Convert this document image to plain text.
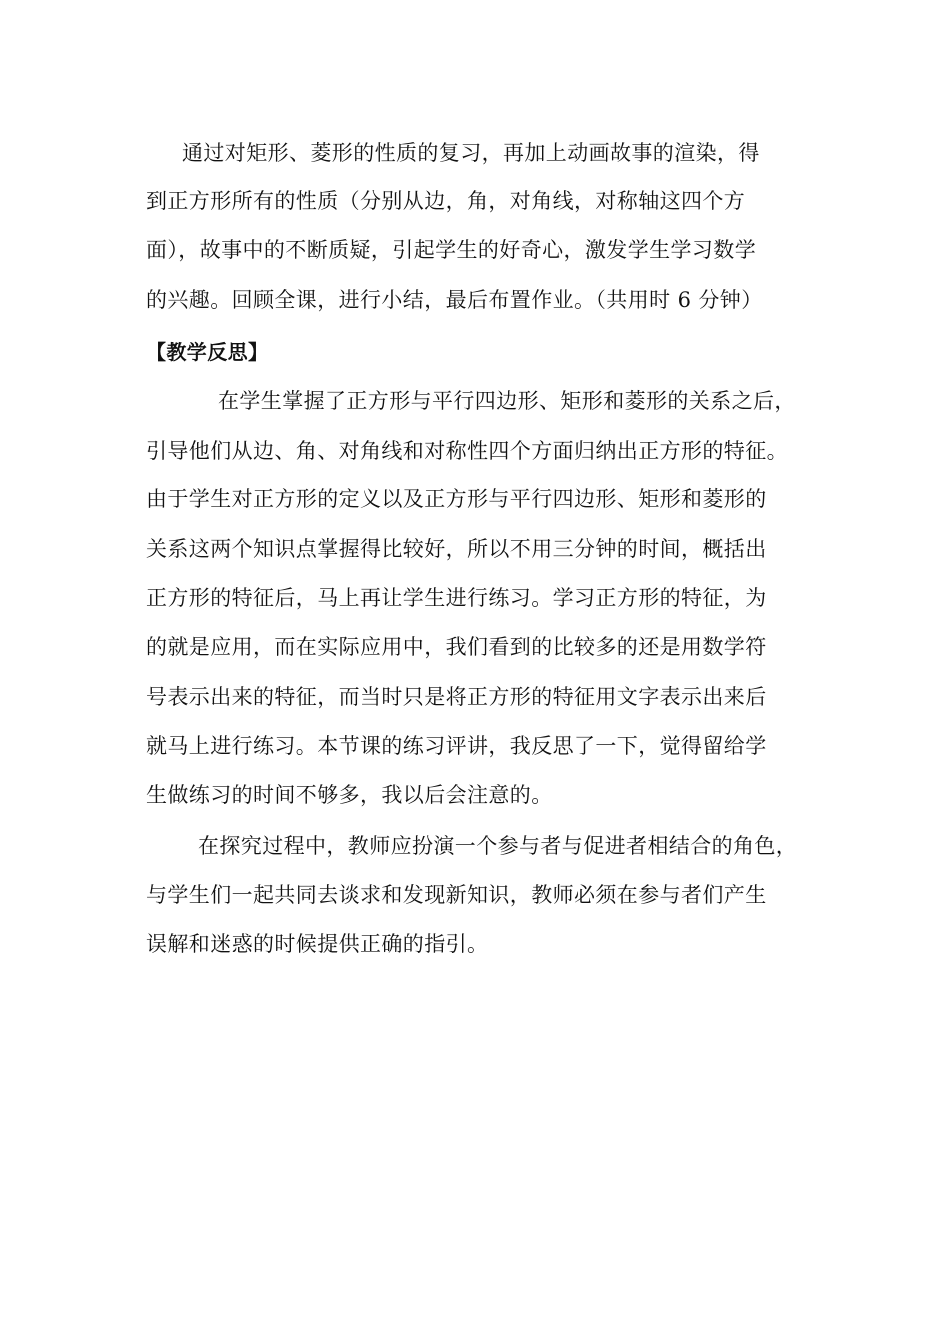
通过对矩形、菱形的性质的复习，再加上动画故事的渲染，得
到正方形所有的性质（分别从边，角，对角线，对称轴这四个方
面），故事中的不断质疑，引起学生的好奇心，激发学生学习数学
的兴趣。回顾全课，进行小结，最后布置作业。（共用时 6 分钟）
【教学反思】
在学生掌握了正方形与平行四边形、矩形和菱形的关系之后，
引导他们从边、角、对角线和对称性四个方面归纳出正方形的特征。
由于学生对正方形的定义以及正方形与平行四边形、矩形和菱形的
关系这两个知识点掌握得比较好，所以不用三分钟的时间，概括出
正方形的特征后，马上再让学生进行练习。学习正方形的特征，为
的就是应用，而在实际应用中，我们看到的比较多的还是用数学符
号表示出来的特征，而当时只是将正方形的特征用文字表示出来后
就马上进行练习。本节课的练习评讲，我反思了一下，觉得留给学
生做练习的时间不够多，我以后会注意的。
在探究过程中，教师应扮演一个参与者与促进者相结合的角色，
与学生们一起共同去谈求和发现新知识，教师必须在参与者们产生
误解和迷惑的时候提供正确的指引。
